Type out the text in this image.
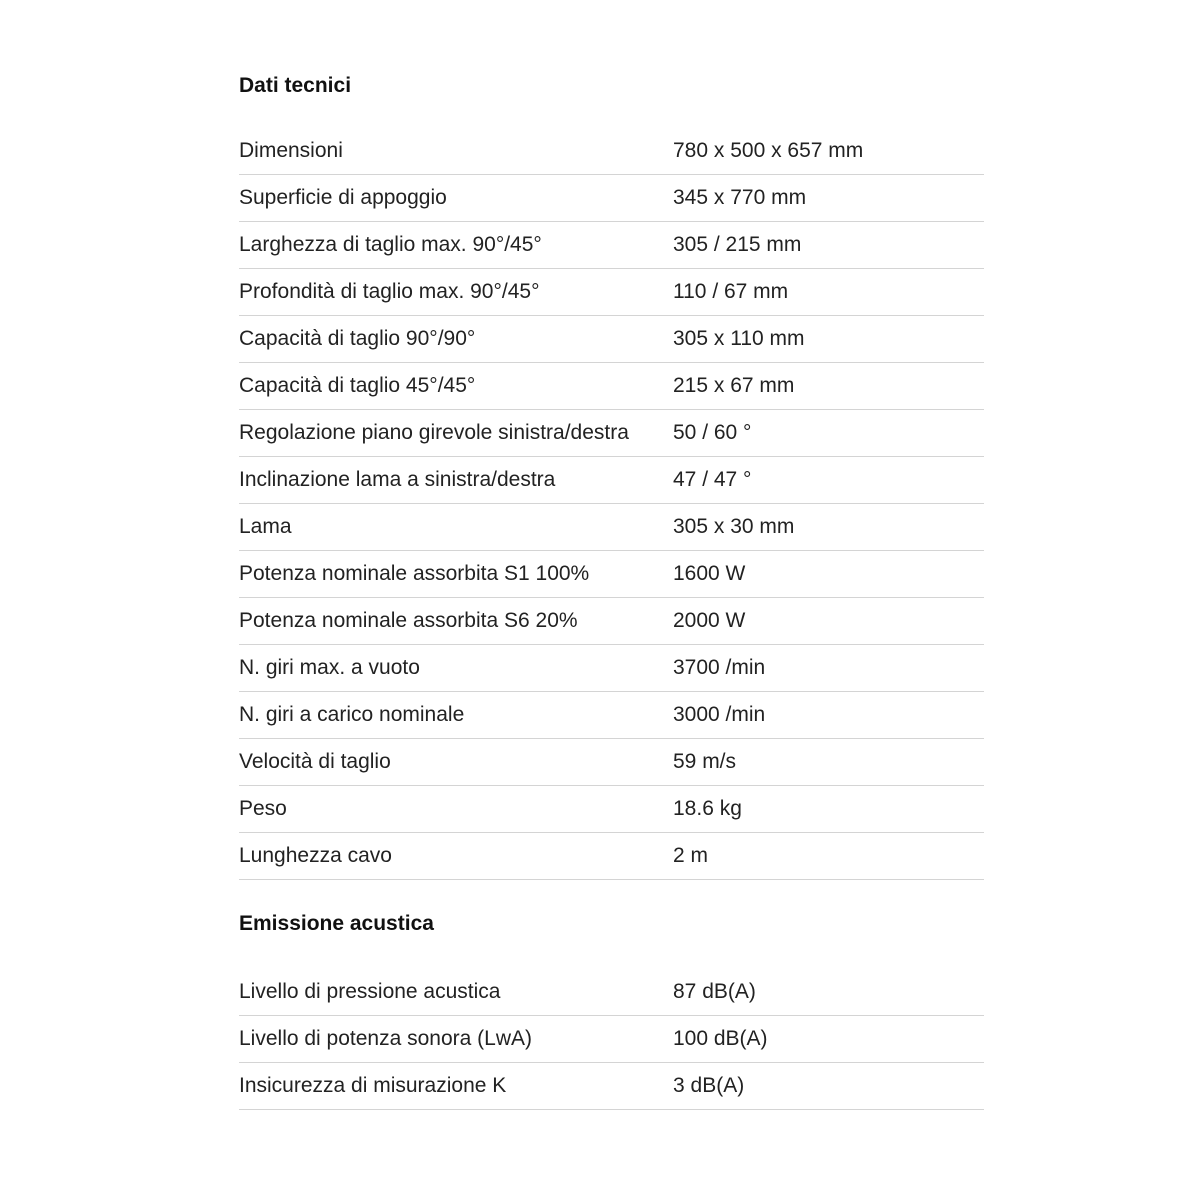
Dati tecnici
Dimensioni	780 x 500 x 657 mm
Superficie di appoggio	345 x 770 mm
Larghezza di taglio max. 90°/45°	305 / 215 mm
Profondità di taglio max. 90°/45°	110 / 67 mm
Capacità di taglio 90°/90°	305 x 110 mm
Capacità di taglio 45°/45°	215 x 67 mm
Regolazione piano girevole sinistra/destra	50 / 60 °
Inclinazione lama a sinistra/destra	47 / 47 °
Lama	305 x 30 mm
Potenza nominale assorbita S1 100%	1600 W
Potenza nominale assorbita S6 20%	2000 W
N. giri max. a vuoto	3700 /min
N. giri a carico nominale	3000 /min
Velocità di taglio	59 m/s
Peso	18.6 kg
Lunghezza cavo	2 m
Emissione acustica
Livello di pressione acustica	87 dB(A)
Livello di potenza sonora (LwA)	100 dB(A)
Insicurezza di misurazione K	3 dB(A)
